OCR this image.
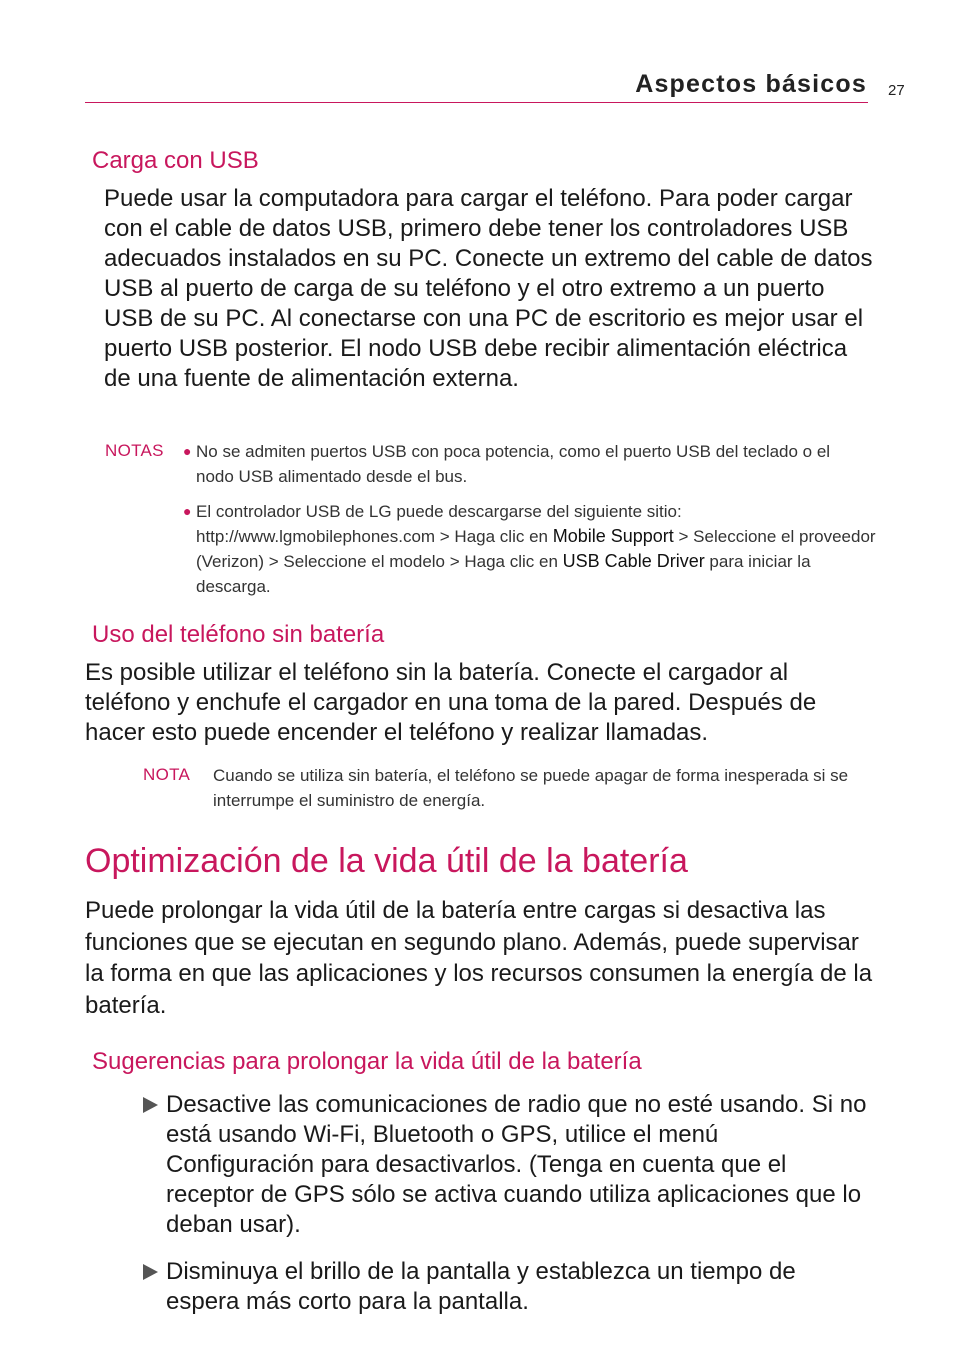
Aspectos básicos 27
Carga con USB

Puede usar la computadora para cargar el teléfono. Para poder cargar con el cable de datos USB, primero debe tener los controladores USB adecuados instalados en su PC. Conecte un extremo del cable de datos USB al puerto de carga de su teléfono y el otro extremo a un puerto USB de su PC. Al conectarse con una PC de escritorio es mejor usar el puerto USB posterior. El nodo USB debe recibir alimentación eléctrica de una fuente de alimentación externa.

NOTAS ● No se admiten puertos USB con poca potencia, como el puerto USB del teclado o el nodo USB alimentado desde el bus.

● El controlador USB de LG puede descargarse del siguiente sitio: http://www.lgmobilephones.com > Haga clic en Mobile Support > Seleccione el proveedor (Verizon) > Seleccione el modelo > Haga clic en USB Cable Driver para iniciar la descarga.

Uso del teléfono sin batería

Es posible utilizar el teléfono sin la batería. Conecte el cargador al teléfono y enchufe el cargador en una toma de la pared. Después de hacer esto puede encender el teléfono y realizar llamadas.

NOTA Cuando se utiliza sin batería, el teléfono se puede apagar de forma inesperada si se interrumpe el suministro de energía.

Optimización de la vida útil de la batería

Puede prolongar la vida útil de la batería entre cargas si desactiva las funciones que se ejecutan en segundo plano. Además, puede supervisar la forma en que las aplicaciones y los recursos consumen la energía de la batería.

Sugerencias para prolongar la vida útil de la batería

Desactive las comunicaciones de radio que no esté usando. Si no está usando Wi-Fi, Bluetooth o GPS, utilice el menú Configuración para desactivarlos. (Tenga en cuenta que el receptor de GPS sólo se activa cuando utiliza aplicaciones que lo deban usar).

Disminuya el brillo de la pantalla y establezca un tiempo de espera más corto para la pantalla.
